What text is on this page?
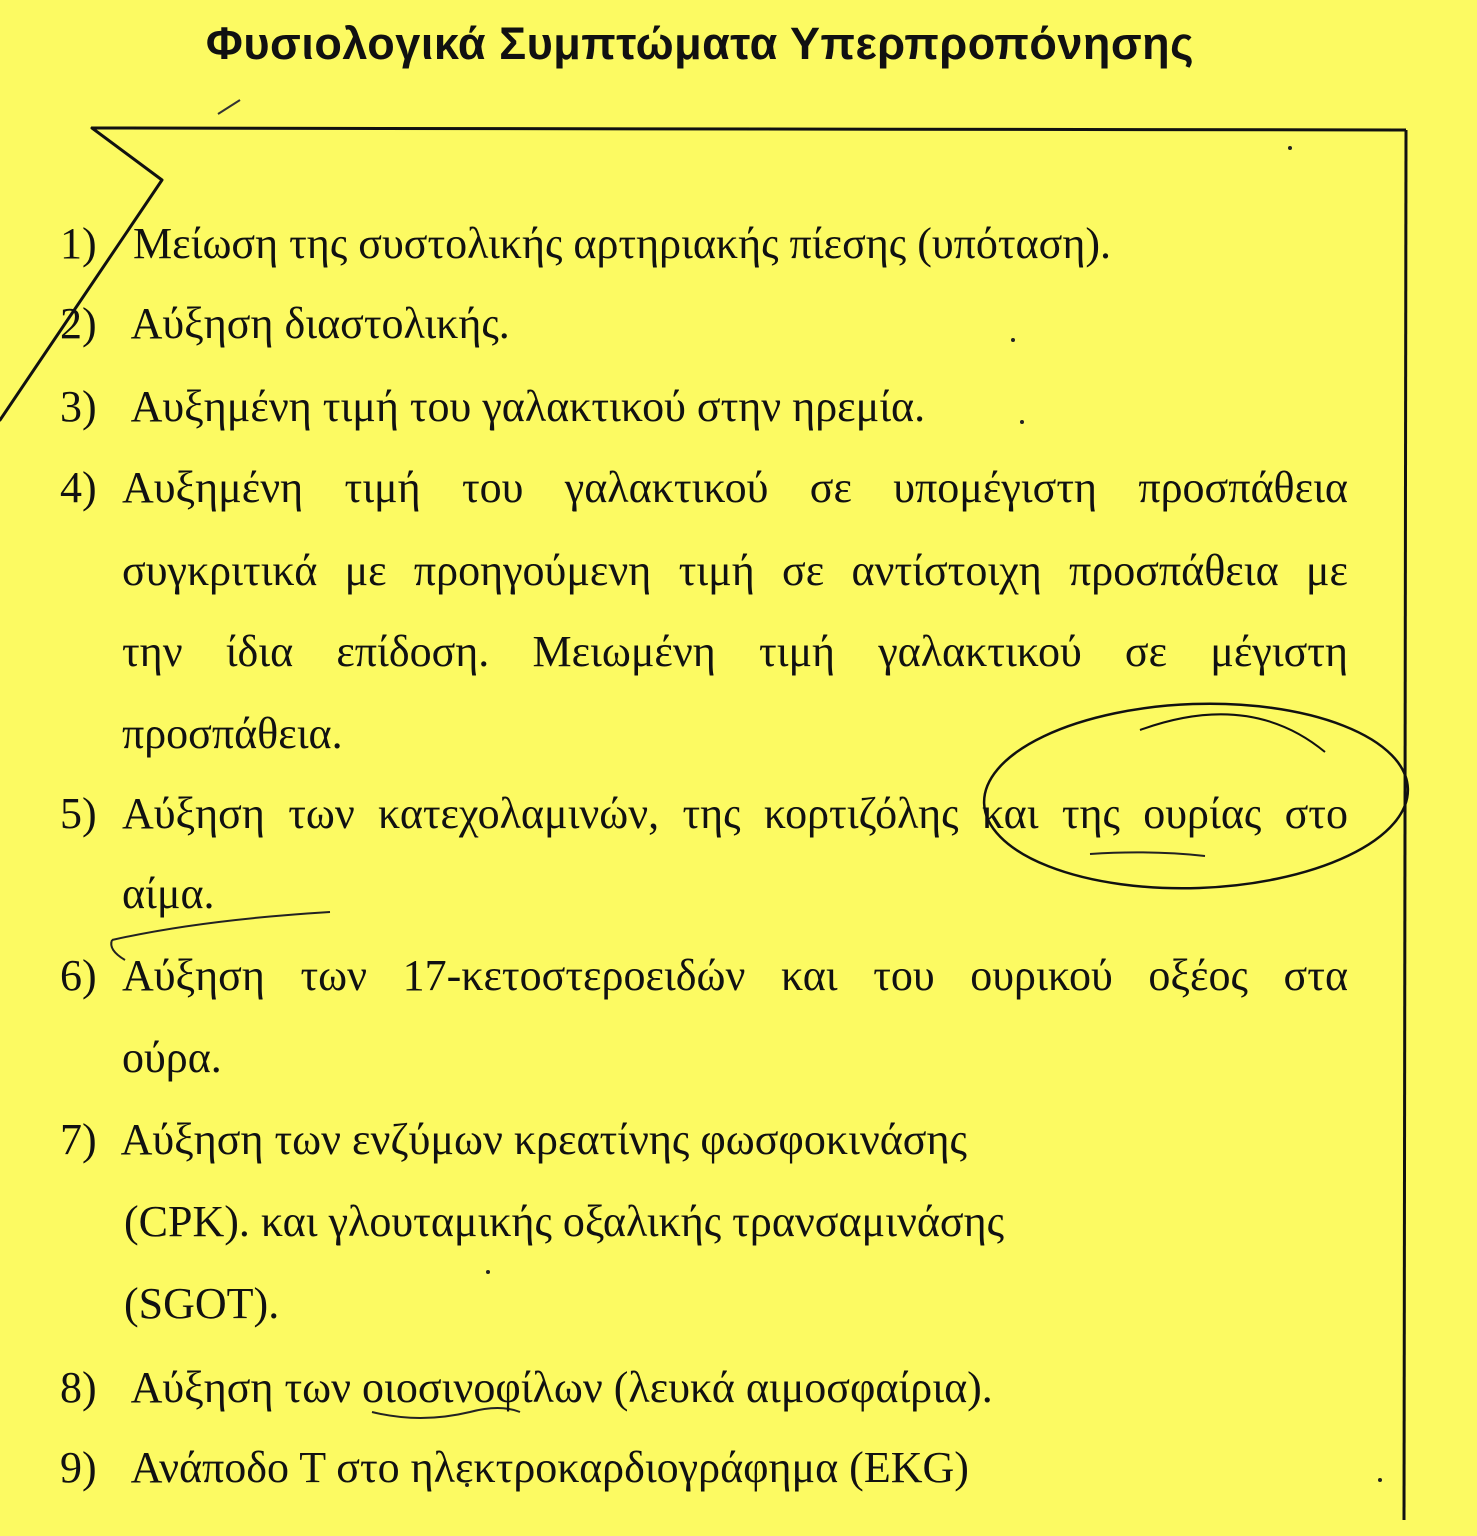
Φυσιολογικά Συμπτώματα Υπερπροπόνησης
1) Μείωση της συστολικής αρτηριακής πίεσης (υπόταση).
2) Αύξηση διαστολικής.
3) Αυξημένη τιμή του γαλακτικού στην ηρεμία.
4) Αυξημένη τιμή του γαλακτικού σε υπομέγιστη προσπάθεια
συγκριτικά με προηγούμενη τιμή σε αντίστοιχη προσπάθεια με
την ίδια επίδοση. Μειωμένη τιμή γαλακτικού σε μέγιστη
προσπάθεια.
5) Αύξηση των κατεχολαμινών, της κορτιζόλης και της ουρίας στο
αίμα.
6) Αύξηση των 17-κετοστεροειδών και του ουρικού οξέος στα
ούρα.
7) Αύξηση των ενζύμων κρεατίνης φωσφοκινάσης
(CPK). και γλουταμικής οξαλικής τρανσαμινάσης
(SGOT).
8) Αύξηση των οιοσινοφίλων (λευκά αιμοσφαίρια).
9) Ανάποδο Τ στο ηλεκτροκαρδιογράφημα (EKG)
